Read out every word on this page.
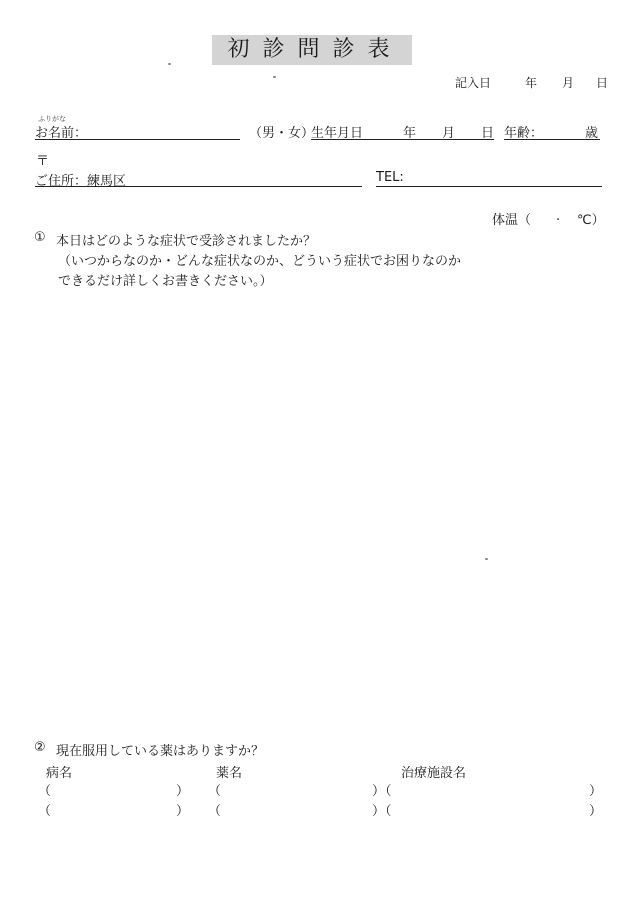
初診問診表
記入日	年 月 日
ふりがな
お名前：	（男・女）
生年月日	年 月 日 年齢：	歳
〒
ご住所：練馬区	TEL:
体温（ . ℃）
① 本日はどのような症状で受診されましたか？
（いつからなのか・どんな症状なのか、どういう症状でお困りなのか
できるだけ詳しくお書きください。）
② 現在服用している薬はありますか？
病名	薬名	治療施設名
（	） （	）（	）
（	） （	）（	）
